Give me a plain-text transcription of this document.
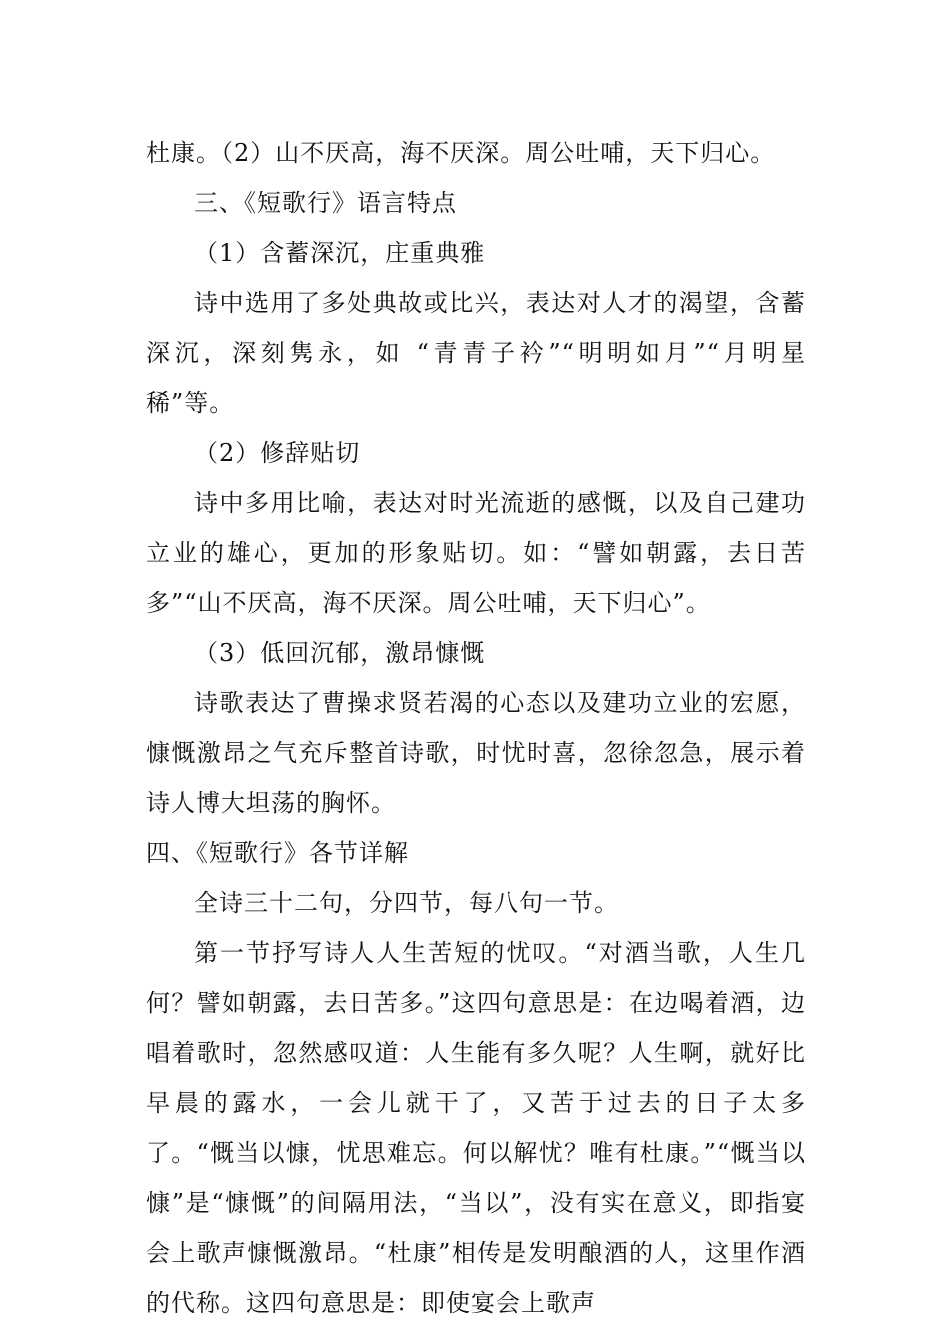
杜康。（2）山不厌高，海不厌深。周公吐哺，天下归心。

三、《短歌行》语言特点

（1）含蓄深沉，庄重典雅

诗中选用了多处典故或比兴，表达对人才的渴望，含蓄深沉，深刻隽永，如 “青青子衿”“明明如月”“月明星稀”等。

（2）修辞贴切

诗中多用比喻，表达对时光流逝的感慨，以及自己建功立业的雄心，更加的形象贴切。如：“譬如朝露，去日苦多”“山不厌高，海不厌深。周公吐哺，天下归心”。

（3）低回沉郁，激昂慷慨

诗歌表达了曹操求贤若渴的心态以及建功立业的宏愿，慷慨激昂之气充斥整首诗歌，时忧时喜，忽徐忽急，展示着诗人博大坦荡的胸怀。

四、《短歌行》各节详解

全诗三十二句，分四节，每八句一节。

第一节抒写诗人人生苦短的忧叹。“对酒当歌，人生几何？譬如朝露，去日苦多。”这四句意思是：在边喝着酒，边唱着歌时，忽然感叹道：人生能有多久呢？人生啊，就好比早晨的露水，一会儿就干了，又苦于过去的日子太多了。“慨当以慷，忧思难忘。何以解忧？唯有杜康。”“慨当以慷”是“慷慨”的间隔用法，“当以”，没有实在意义，即指宴会上歌声慷慨激昂。“杜康”相传是发明酿酒的人，这里作酒的代称。这四句意思是：即使宴会上歌声
